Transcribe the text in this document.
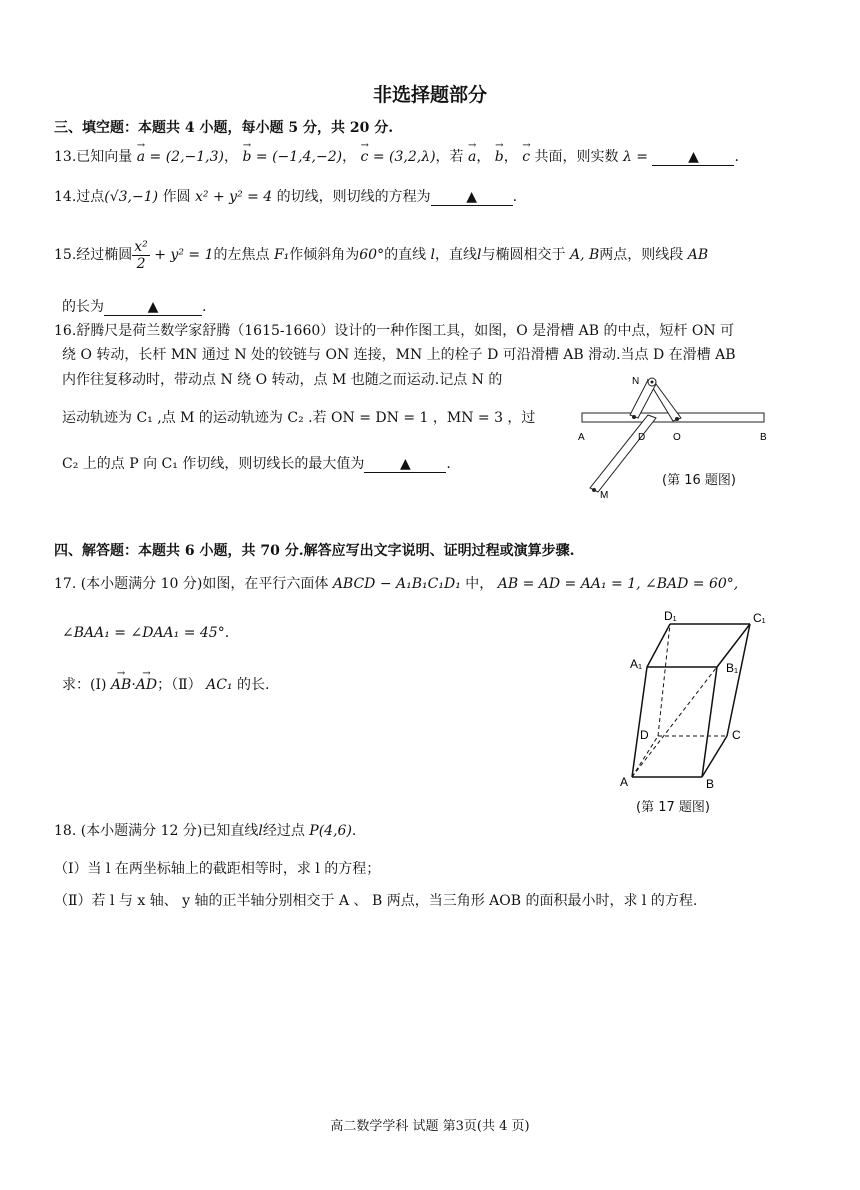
非选择题部分
三、填空题：本题共 4 小题，每小题 5 分，共 20 分.
13.已知向量 → a = (2,−1,3)， → b = (−1,4,−2)， → c = (3,2,λ)，若 → a， → b， → c 共面，则实数 λ =	▲	.
14.过点(√3,−1) 作圆 x² + y² = 4 的切线，则切线的方程为	▲	.
15.经过椭圆 $\frac{\text{x²}}{2} + y^2 = 1$的左焦点 F₁作倾斜角为60°的直线 l，直线l与椭圆相交于 A, B两点，则线段 AB
的长为	▲	.
16.舒腾尺是荷兰数学家舒腾（1615-1660）设计的一种作图工具，如图，O 是滑槽 AB 的中点，短杆 ON 可
绕 O 转动，长杆 MN 通过 N 处的铰链与 ON 连接，MN 上的栓子 D 可沿滑槽 AB 滑动.当点 D 在滑槽 AB
内作往复移动时，带动点 N 绕 O 转动，点 M 也随之而运动.记点 N 的
运动轨迹为 C₁ ,点 M 的运动轨迹为 C₂ .若 ON = DN = 1 ，MN = 3 ，过
C₂ 上的点 P 向 C₁ 作切线，则切线长的最大值为	▲	.
N
A	D	O	B
M
(第 16 题图)
四、解答题：本题共 6 小题，共 70 分.解答应写出文字说明、证明过程或演算步骤.
17. (本小题满分 10 分)如图，在平行六面体 ABCD − A₁B₁C₁D₁ 中， AB = AD = AA₁ = 1, ∠BAD = 60°,
∠BAA₁ = ∠DAA₁ = 45°.
求：(Ⅰ) → AB·→ AD；（Ⅱ） AC₁ 的长.
D₁	C₁
A₁	B₁
D	C
A	B
(第 17 题图)
18. (本小题满分 12 分)已知直线l经过点 P(4,6).
（Ⅰ）当 l 在两坐标轴上的截距相等时，求 l 的方程；
（Ⅱ）若 l 与 x 轴、 y 轴的正半轴分别相交于 A 、 B 两点，当三角形 AOB 的面积最小时，求 l 的方程.
高二数学学科 试题 第3页(共 4 页)
